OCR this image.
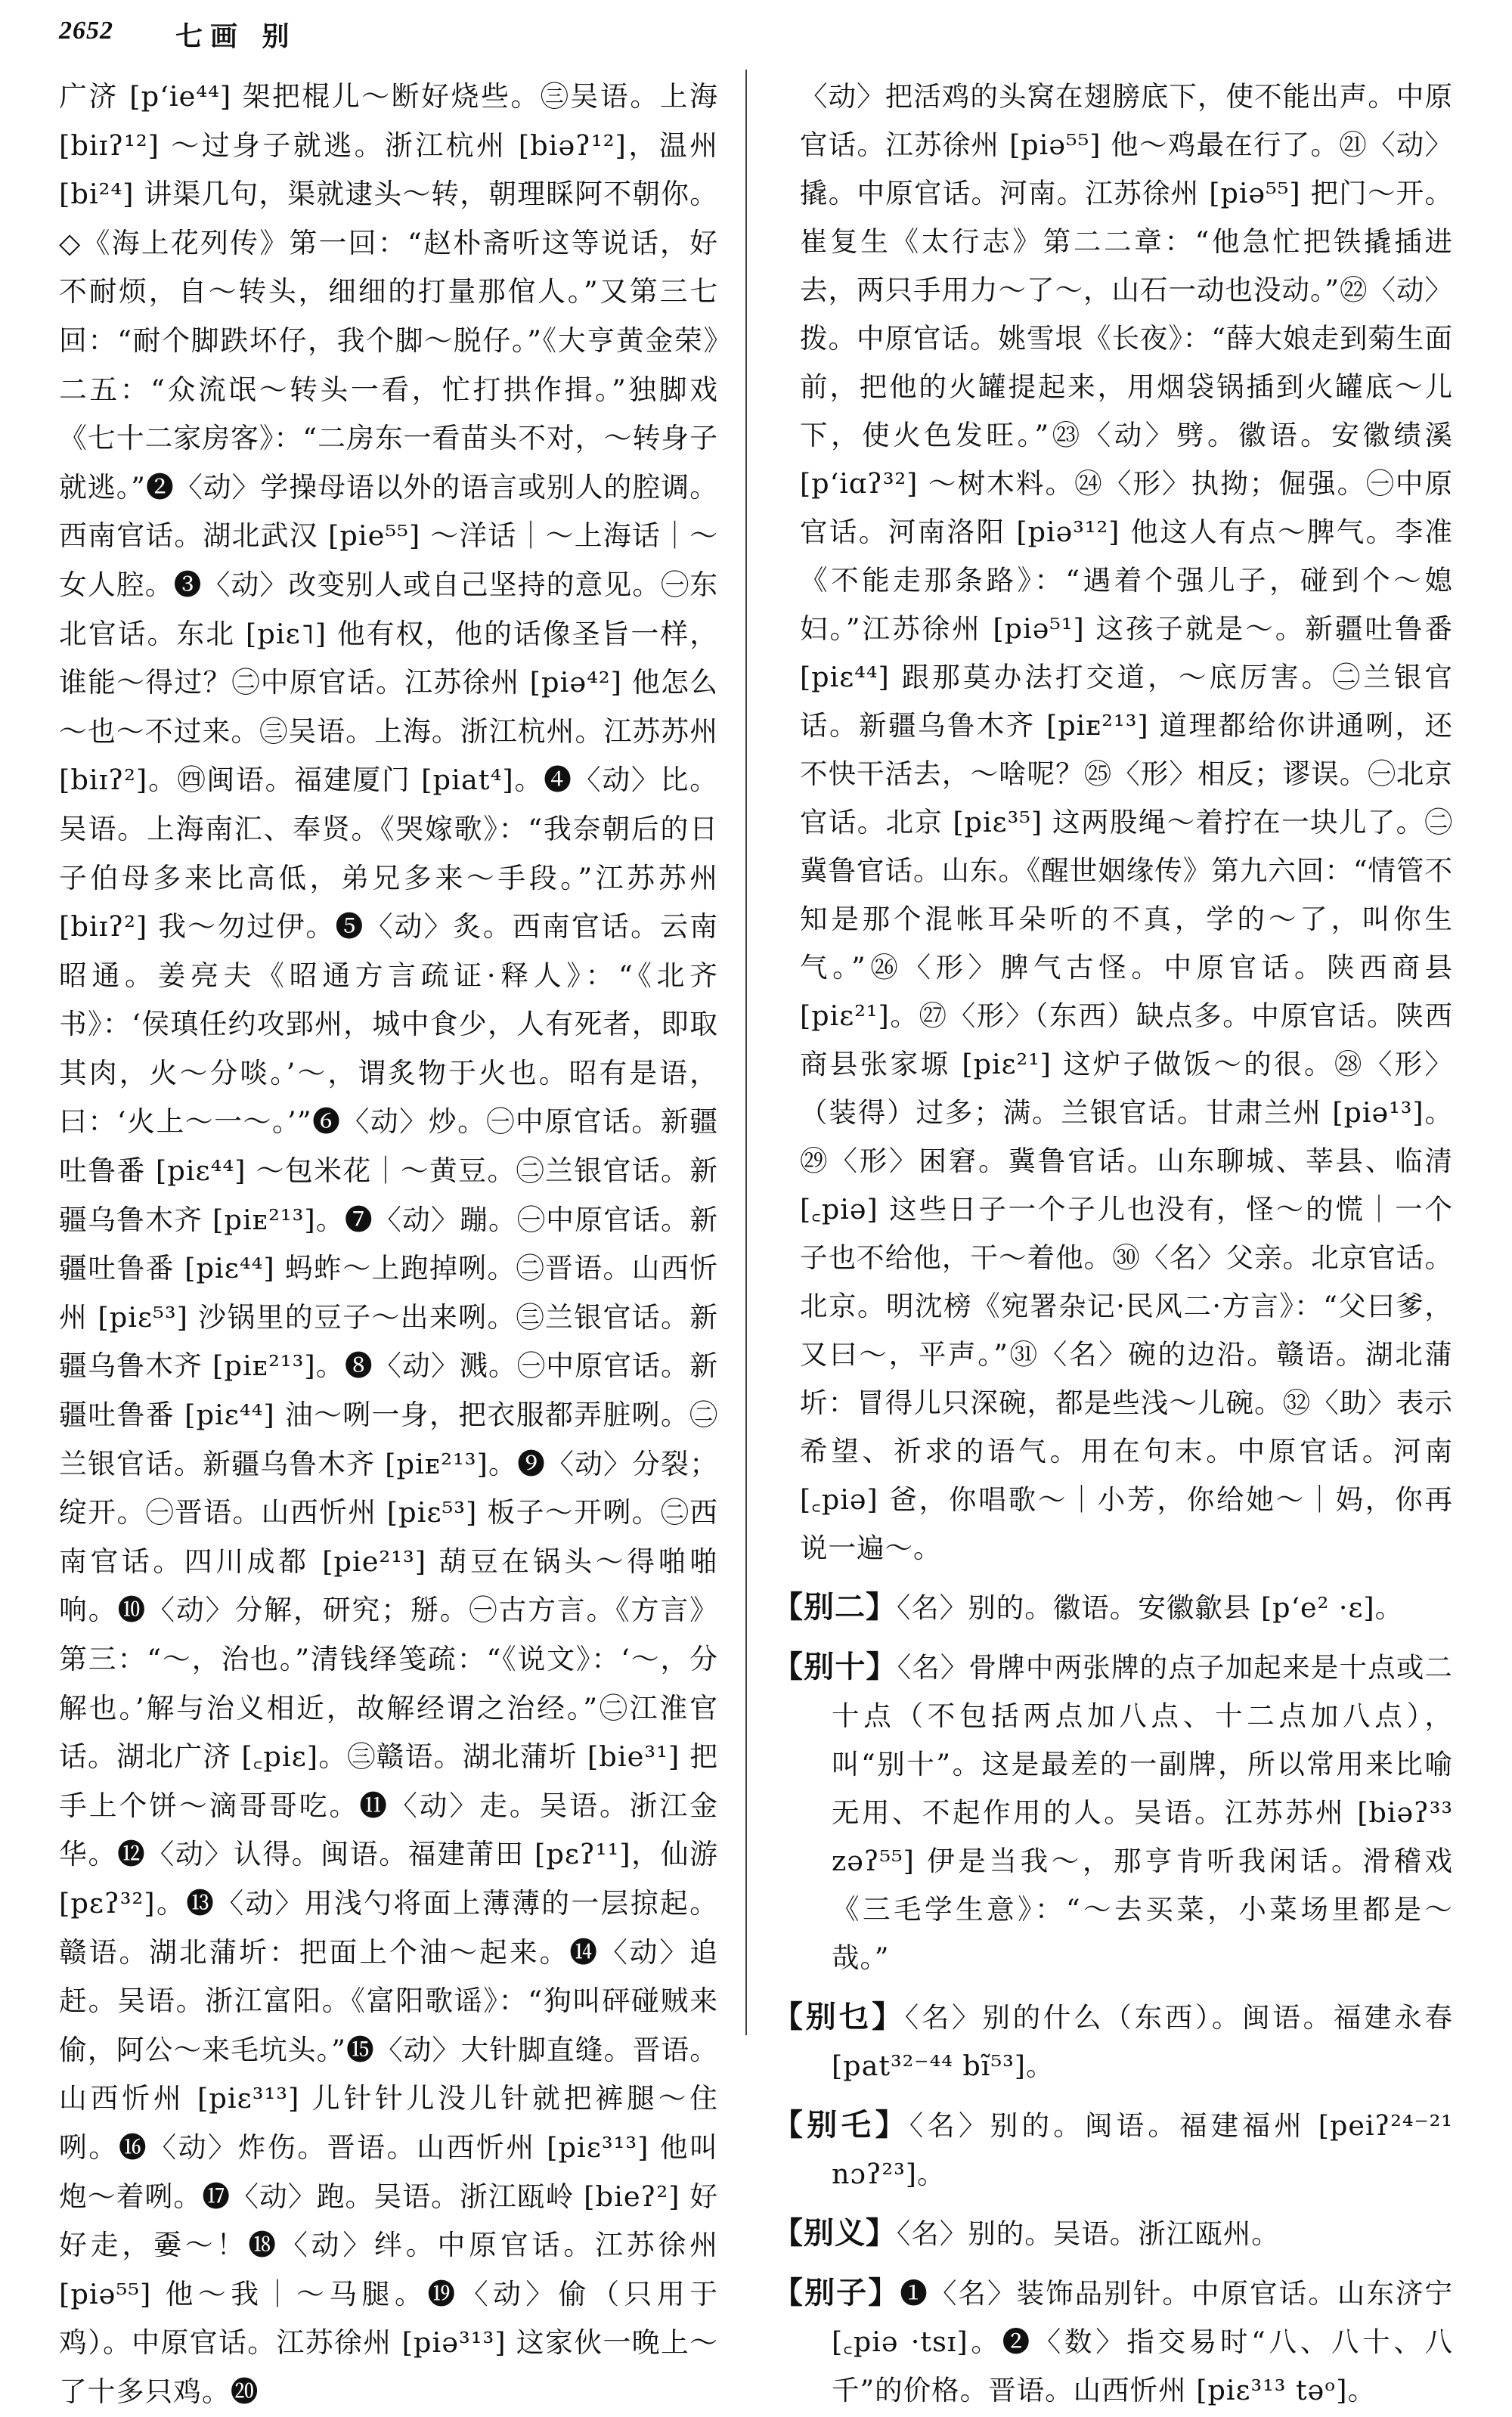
2652 七画 别
广济 [pʻie⁴⁴] 架把棍儿～断好烧些。㊂吴语。上海 [biɪʔ¹²] ～过身子就逃。浙江杭州 [biəʔ¹²]，温州 [bi²⁴] 讲渠几句，渠就逮头～转，朝理睬阿不朝你。◇《海上花列传》第一回：“赵朴斋听这等说话，好不耐烦，自～转头，细细的打量那倌人。”又第三七回：“耐个脚跌坏仔，我个脚～脱仔。”《大亨黄金荣》二五：“众流氓～转头一看，忙打拱作揖。”独脚戏《七十二家房客》：“二房东一看苗头不对，～转身子就逃。”❷〈动〉学操母语以外的语言或别人的腔调。西南官话。湖北武汉 [pie⁵⁵] ～洋话｜～上海话｜～女人腔。❸〈动〉改变别人或自己坚持的意见。㊀东北官话。东北 [piɛ˥] 他有权，他的话像圣旨一样，谁能～得过？㊁中原官话。江苏徐州 [piə⁴²] 他怎么～也～不过来。㊂吴语。上海。浙江杭州。江苏苏州 [biɪʔ²]。㊃闽语。福建厦门 [piat⁴]。❹〈动〉比。吴语。上海南汇、奉贤。《哭嫁歌》：“我奈朝后的日子伯母多来比高低，弟兄多来～手段。”江苏苏州 [biɪʔ²] 我～勿过伊。❺〈动〉炙。西南官话。云南昭通。姜亮夫《昭通方言疏证·释人》：“《北齐书》：‘侯瑱任约攻郢州，城中食少，人有死者，即取其肉，火～分啖。’～，谓炙物于火也。昭有是语，曰：‘火上～一～。’”❻〈动〉炒。㊀中原官话。新疆吐鲁番 [piɛ⁴⁴] ～包米花｜～黄豆。㊁兰银官话。新疆乌鲁木齐 [piᴇ²¹³]。❼〈动〉蹦。㊀中原官话。新疆吐鲁番 [piɛ⁴⁴] 蚂蚱～上跑掉咧。㊁晋语。山西忻州 [piɛ⁵³] 沙锅里的豆子～出来咧。㊂兰银官话。新疆乌鲁木齐 [piᴇ²¹³]。❽〈动〉溅。㊀中原官话。新疆吐鲁番 [piɛ⁴⁴] 油～咧一身，把衣服都弄脏咧。㊁兰银官话。新疆乌鲁木齐 [piᴇ²¹³]。❾〈动〉分裂；绽开。㊀晋语。山西忻州 [piɛ⁵³] 板子～开咧。㊁西南官话。四川成都 [pie²¹³] 葫豆在锅头～得啪啪响。❿〈动〉分解，研究；掰。㊀古方言。《方言》第三：“～，治也。”清钱绎笺疏：“《说文》：‘～，分解也。’解与治义相近，故解经谓之治经。”㊁江淮官话。湖北广济 [꜀piɛ]。㊂赣语。湖北蒲圻 [bie³¹] 把手上个饼～滴哥哥吃。⓫〈动〉走。吴语。浙江金华。⓬〈动〉认得。闽语。福建莆田 [pɛʔ¹¹]，仙游 [pɛʔ³²]。⓭〈动〉用浅勺将面上薄薄的一层掠起。赣语。湖北蒲圻：把面上个油～起来。⓮〈动〉追赶。吴语。浙江富阳。《富阳歌谣》：“狗叫砰碰贼来偷，阿公～来毛坑头。”⓯〈动〉大针脚直缝。晋语。山西忻州 [piɛ³¹³] 儿针针儿没儿针就把裤腿～住咧。⓰〈动〉炸伤。晋语。山西忻州 [piɛ³¹³] 他叫炮～着咧。⓱〈动〉跑。吴语。浙江瓯岭 [bieʔ²] 好好走，嫑～！⓲〈动〉绊。中原官话。江苏徐州 [piə⁵⁵] 他～我｜～马腿。⓳〈动〉偷（只用于鸡）。中原官话。江苏徐州 [piə³¹³] 这家伙一晚上～了十多只鸡。⓴
〈动〉把活鸡的头窝在翅膀底下，使不能出声。中原官话。江苏徐州 [piə⁵⁵] 他～鸡最在行了。㉑〈动〉撬。中原官话。河南。江苏徐州 [piə⁵⁵] 把门～开。崔复生《太行志》第二二章：“他急忙把铁撬插进去，两只手用力～了～，山石一动也没动。”㉒〈动〉拨。中原官话。姚雪垠《长夜》：“薛大娘走到菊生面前，把他的火罐提起来，用烟袋锅插到火罐底～儿下，使火色发旺。”㉓〈动〉劈。徽语。安徽绩溪 [pʻiɑʔ³²] ～树木料。㉔〈形〉执拗；倔强。㊀中原官话。河南洛阳 [piə³¹²] 他这人有点～脾气。李准《不能走那条路》：“遇着个强儿子，碰到个～媳妇。”江苏徐州 [piə⁵¹] 这孩子就是～。新疆吐鲁番 [piɛ⁴⁴] 跟那莫办法打交道，～底厉害。㊁兰银官话。新疆乌鲁木齐 [piᴇ²¹³] 道理都给你讲通咧，还不快干活去，～啥呢？㉕〈形〉相反；谬误。㊀北京官话。北京 [piɛ³⁵] 这两股绳～着拧在一块儿了。㊁冀鲁官话。山东。《醒世姻缘传》第九六回：“情管不知是那个混帐耳朵听的不真，学的～了，叫你生气。”㉖〈形〉脾气古怪。中原官话。陕西商县 [piɛ²¹]。㉗〈形〉（东西）缺点多。中原官话。陕西商县张家塬 [piɛ²¹] 这炉子做饭～的很。㉘〈形〉（装得）过多；满。兰银官话。甘肃兰州 [piə¹³]。㉙〈形〉困窘。冀鲁官话。山东聊城、莘县、临清 [꜀piə] 这些日子一个子儿也没有，怪～的慌｜一个子也不给他，干～着他。㉚〈名〉父亲。北京官话。北京。明沈榜《宛署杂记·民风二·方言》：“父曰爹，又曰～，平声。”㉛〈名〉碗的边沿。赣语。湖北蒲圻：冒得儿只深碗，都是些浅～儿碗。㉜〈助〉表示希望、祈求的语气。用在句末。中原官话。河南 [꜀piə] 爸，你唱歌～｜小芳，你给她～｜妈，你再说一遍～。
【别二】〈名〉别的。徽语。安徽歙县 [pʻe² ·ɛ]。
【别十】〈名〉骨牌中两张牌的点子加起来是十点或二十点（不包括两点加八点、十二点加八点），叫“别十”。这是最差的一副牌，所以常用来比喻无用、不起作用的人。吴语。江苏苏州 [biəʔ³³ zəʔ⁵⁵] 伊是当我～，那亨肯听我闲话。滑稽戏《三毛学生意》：“～去买菜，小菜场里都是～哉。”
【别乜】〈名〉别的什么（东西）。闽语。福建永春 [pat³²⁻⁴⁴ bĩ⁵³]。
【别乇】〈名〉别的。闽语。福建福州 [peiʔ²⁴⁻²¹ nɔʔ²³]。
【别义】〈名〉别的。吴语。浙江瓯州。
【别子】❶〈名〉装饰品别针。中原官话。山东济宁 [꜀piə ·tsɪ]。❷〈数〉指交易时“八、八十、八千”的价格。晋语。山西忻州 [piɛ³¹³ təᵒ]。
